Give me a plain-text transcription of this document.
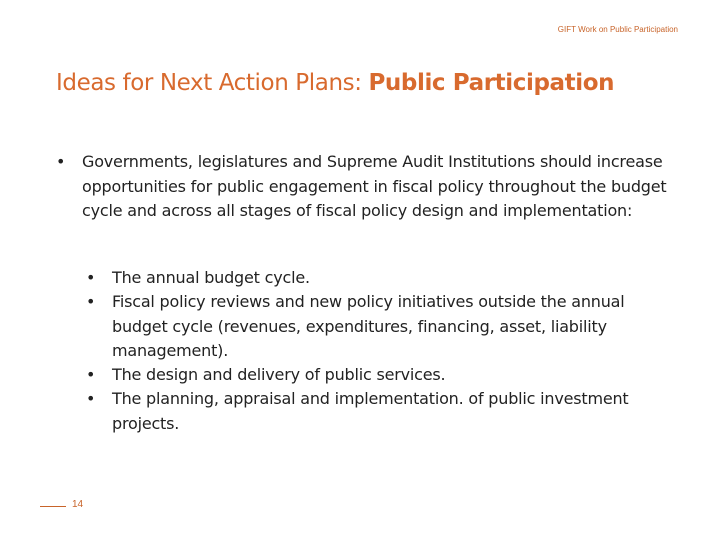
GIFT Work on Public Participation
Ideas for Next Action Plans: Public Participation
• Governments, legislatures and Supreme Audit Institutions should increase opportunities for public engagement in fiscal policy throughout the budget cycle and across all stages of fiscal policy design and implementation:
• The annual budget cycle.
• Fiscal policy reviews and new policy initiatives outside the annual budget cycle (revenues, expenditures, financing, asset, liability management).
• The design and delivery of public services.
• The planning, appraisal and implementation. of public investment projects.
14
